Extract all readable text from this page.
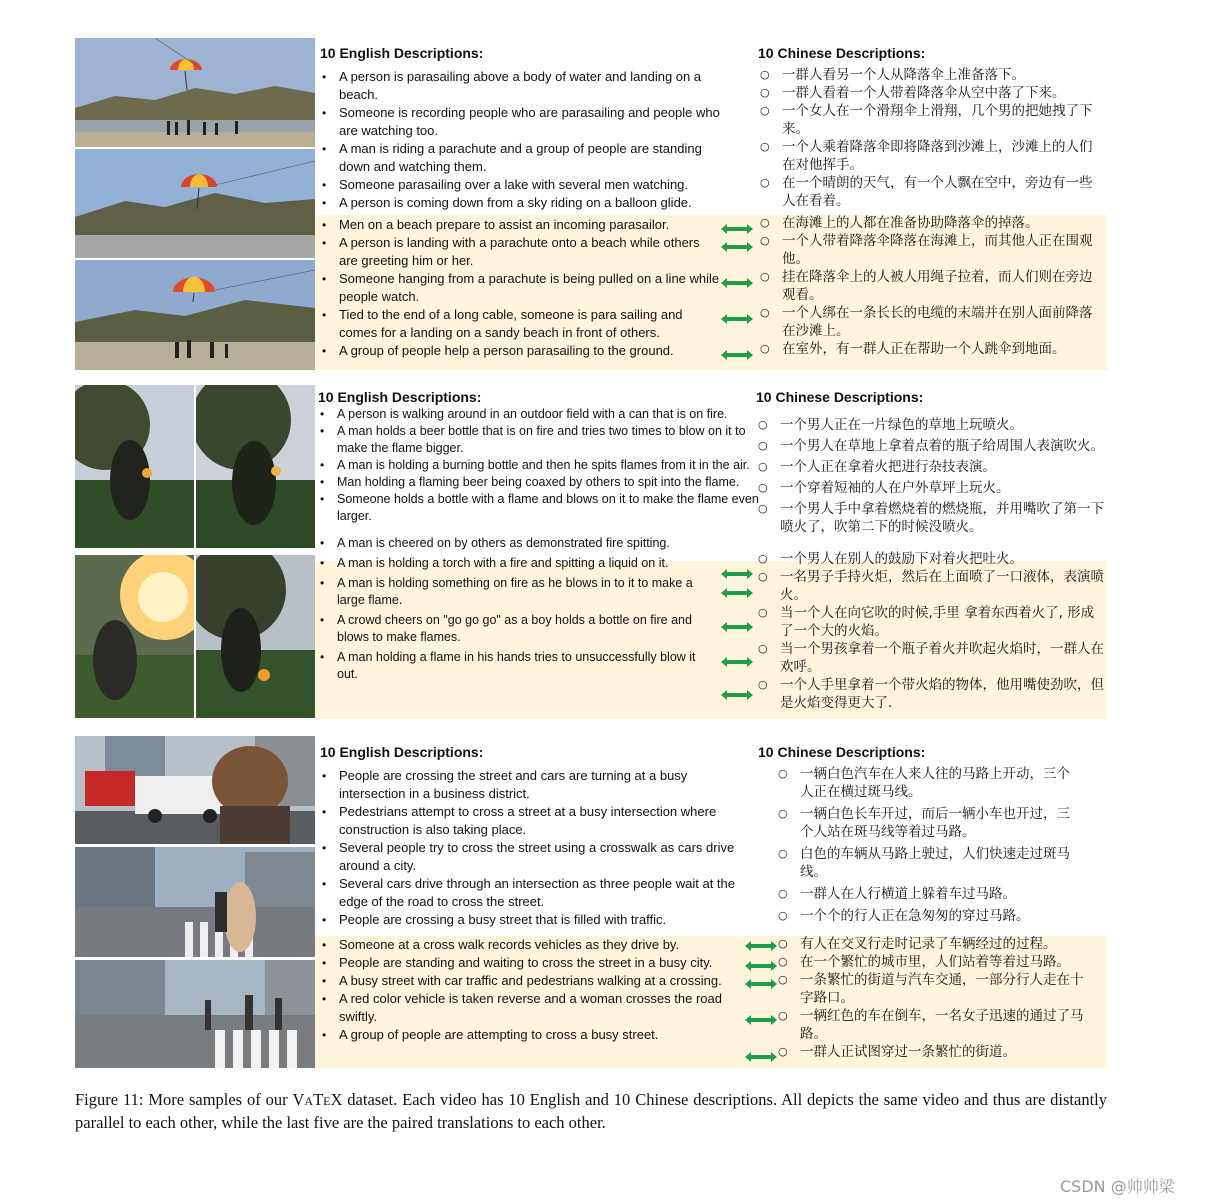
10 English Descriptions:
• A person is parasailing above a body of water and landing on a beach.
• Someone is recording people who are parasailing and people who are watching too.
• A man is riding a parachute and a group of people are standing down and watching them.
• Someone parasailing over a lake with several men watching.
• A person is coming down from a sky riding on a balloon glide.
• Men on a beach prepare to assist an incoming parasailor.
• A person is landing with a parachute onto a beach while others are greeting him or her.
• Someone hanging from a parachute is being pulled on a line while people watch.
• Tied to the end of a long cable, someone is para sailing and comes for a landing on a sandy beach in front of others.
• A group of people help a person parasailing to the ground.
10 Chinese Descriptions:
○ 一群人看另一个人从降落伞上准备落下。
○ 一群人看着一个人带着降落伞从空中落了下来。
○ 一个女人在一个滑翔伞上滑翔，几个男的把她拽了下来。
○ 一个人乘着降落伞即将降落到沙滩上，沙滩上的人们在对他挥手。
○ 在一个晴朗的天气，有一个人飘在空中，旁边有一些人在看着。
○ 在海滩上的人都在准备协助降落伞的掉落。
○ 一个人带着降落伞降落在海滩上，而其他人正在围观他。
○ 挂在降落伞上的人被人用绳子拉着，而人们则在旁边观看。
○ 一个人绑在一条长长的电缆的末端并在别人面前降落在沙滩上。
○ 在室外，有一群人正在帮助一个人跳伞到地面。
10 English Descriptions:
• A person is walking around in an outdoor field with a can that is on fire.
• A man holds a beer bottle that is on fire and tries two times to blow on it to make the flame bigger.
• A man is holding a burning bottle and then he spits flames from it in the air.
• Man holding a flaming beer being coaxed by others to spit into the flame.
• Someone holds a bottle with a flame and blows on it to make the flame even larger.
• A man is cheered on by others as demonstrated fire spitting.
• A man is holding a torch with a fire and spitting a liquid on it.
• A man is holding something on fire as he blows in to it to make a large flame.
• A crowd cheers on "go go go" as a boy holds a bottle on fire and blows to make flames.
• A man holding a flame in his hands tries to unsuccessfully blow it out.
10 Chinese Descriptions:
○ 一个男人正在一片绿色的草地上玩喷火。
○ 一个男人在草地上拿着点着的瓶子给周围人表演吹火。
○ 一个人正在拿着火把进行杂技表演。
○ 一个穿着短袖的人在户外草坪上玩火。
○ 一个男人手中拿着燃烧着的燃烧瓶，并用嘴吹了第一下喷火了，吹第二下的时候没喷火。
○ 一个男人在别人的鼓励下对着火把吐火。
○ 一名男子手持火炬，然后在上面喷了一口液体，表演喷火。
○ 当一个人在向它吹的时候,手里 拿着东西着火了, 形成了一个大的火焰。
○ 当一个男孩拿着一个瓶子着火并吹起火焰时，一群人在欢呼。
○ 一个人手里拿着一个带火焰的物体，他用嘴使劲吹，但是火焰变得更大了.
10 English Descriptions:
• People are crossing the street and cars are turning at a busy intersection in a business district.
• Pedestrians attempt to cross a street at a busy intersection where construction is also taking place.
• Several people try to cross the street using a crosswalk as cars drive around a city.
• Several cars drive through an intersection as three people wait at the edge of the road to cross the street.
• People are crossing a busy street that is filled with traffic.
• Someone at a cross walk records vehicles as they drive by.
• People are standing and waiting to cross the street in a busy city.
• A busy street with car traffic and pedestrians walking at a crossing.
• A red color vehicle is taken reverse and a woman crosses the road swiftly.
• A group of people are attempting to cross a busy street.
10 Chinese Descriptions:
○ 一辆白色汽车在人来人往的马路上开动，三个人正在横过斑马线。
○ 一辆白色长车开过，而后一辆小车也开过，三个人站在斑马线等着过马路。
○ 白色的车辆从马路上驶过，人们快速走过斑马线。
○ 一群人在人行横道上躲着车过马路。
○ 一个个的行人正在急匆匆的穿过马路。
○ 有人在交叉行走时记录了车辆经过的过程。
○ 在一个繁忙的城市里，人们站着等着过马路。
○ 一条繁忙的街道与汽车交通，一部分行人走在十字路口。
○ 一辆红色的车在倒车，一名女子迅速的通过了马路。
○ 一群人正试图穿过一条繁忙的街道。
Figure 11: More samples of our VaTeX dataset. Each video has 10 English and 10 Chinese descriptions. All depicts the same video and thus are distantly parallel to each other, while the last five are the paired translations to each other.
CSDN @帅帅梁
